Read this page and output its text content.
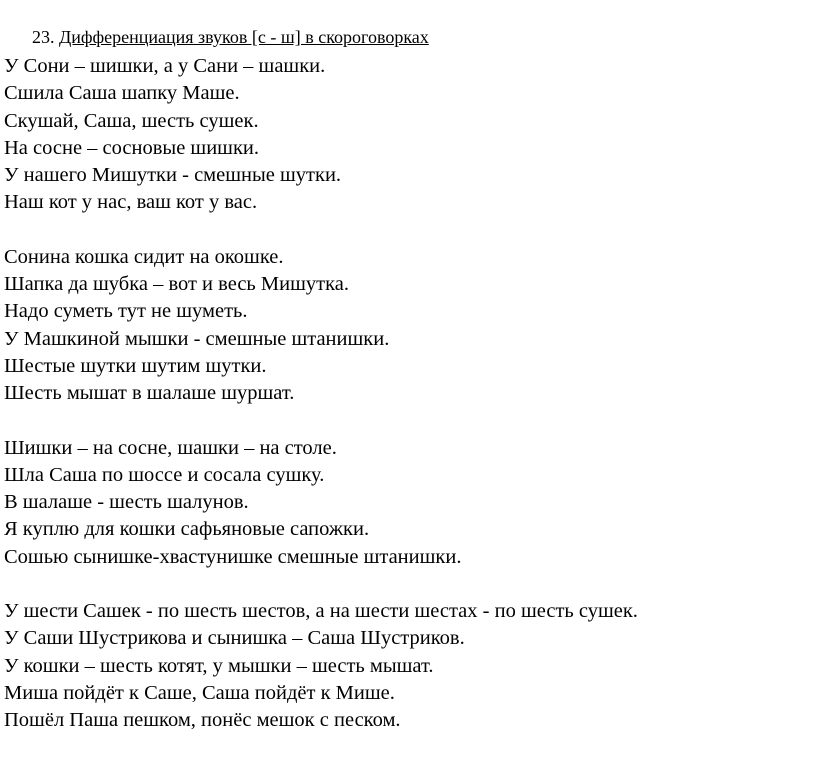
23. Дифференциация звуков [с - ш] в скороговорках
У Сони – шишки, а у Сани – шашки.
Сшила Саша шапку Маше.
Скушай, Саша, шесть сушек.
На сосне – сосновые шишки.
У нашего Мишутки - смешные шутки.
Наш кот у нас, ваш кот у вас.
Сонина кошка сидит на окошке.
Шапка да шубка – вот и весь Мишутка.
Надо суметь тут не шуметь.
У Машкиной мышки - смешные штанишки.
Шестые шутки шутим шутки.
Шесть мышат в шалаше шуршат.
Шишки – на сосне, шашки – на столе.
Шла Саша по шоссе и сосала сушку.
В шалаше - шесть шалунов.
Я куплю для кошки сафьяновые сапожки.
Сошью сынишке-хвастунишке смешные штанишки.
У шести Сашек - по шесть шестов, а на шести шестах - по шесть сушек.
У Саши Шустрикова и сынишка – Саша Шустриков.
У кошки – шесть котят, у мышки – шесть мышат.
Миша пойдёт к Саше, Саша пойдёт к Мише.
Пошёл Паша пешком, понёс мешок с песком.
